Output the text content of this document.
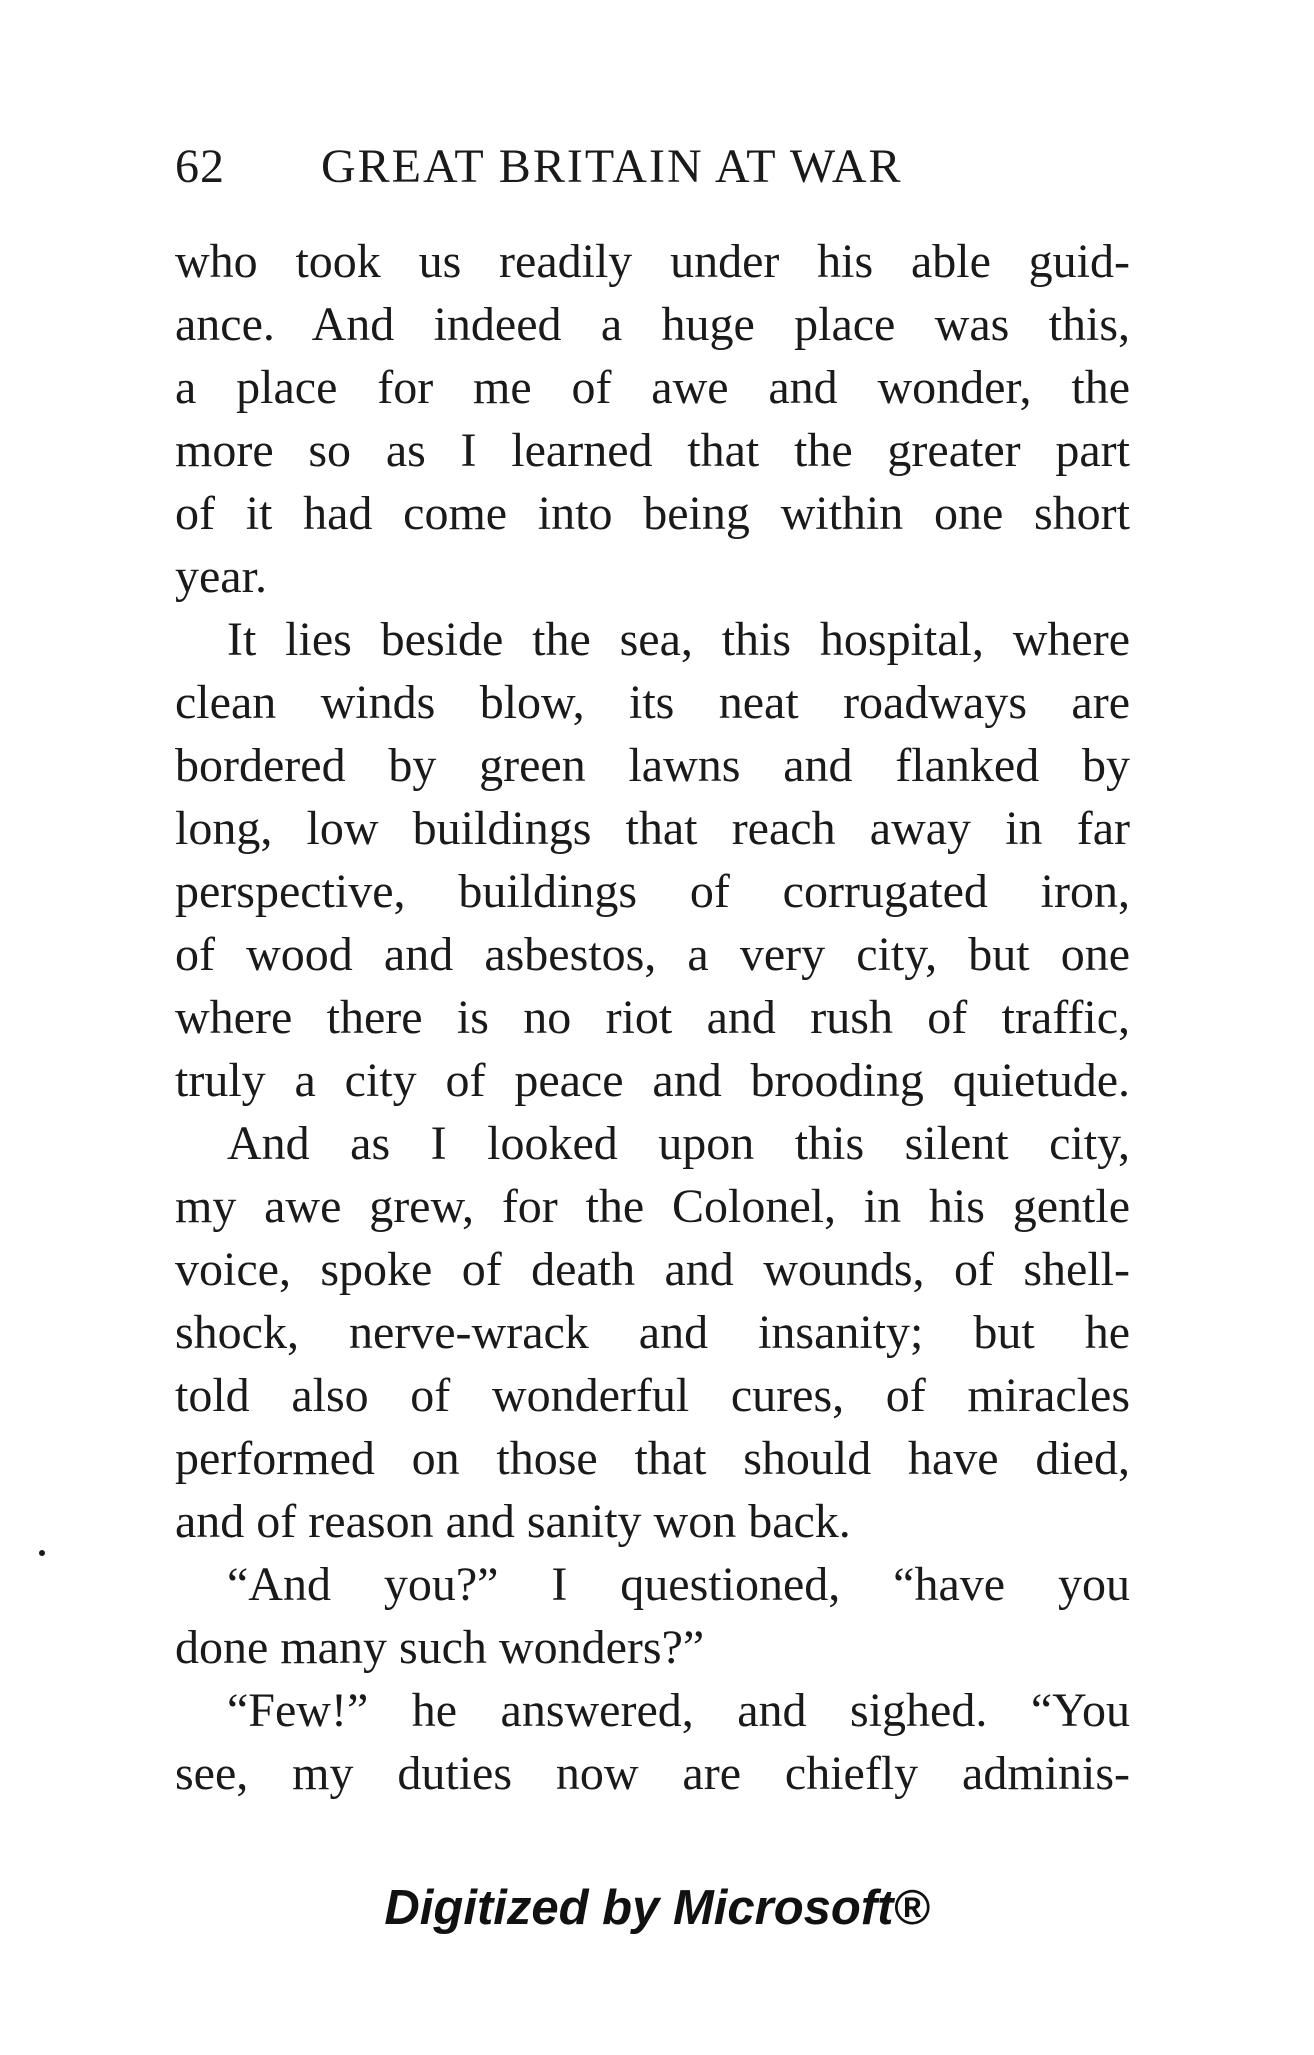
62 GREAT BRITAIN AT WAR
who took us readily under his able guid-
ance. And indeed a huge place was this,
a place for me of awe and wonder, the
more so as I learned that the greater part
of it had come into being within one short
year.
It lies beside the sea, this hospital, where
clean winds blow, its neat roadways are
bordered by green lawns and flanked by
long, low buildings that reach away in far
perspective, buildings of corrugated iron,
of wood and asbestos, a very city, but one
where there is no riot and rush of traffic,
truly a city of peace and brooding quietude.
And as I looked upon this silent city,
my awe grew, for the Colonel, in his gentle
voice, spoke of death and wounds, of shell-
shock, nerve-wrack and insanity; but he
told also of wonderful cures, of miracles
performed on those that should have died,
and of reason and sanity won back.
“And you?” I questioned, “have you
done many such wonders?”
“Few!” he answered, and sighed. “You
see, my duties now are chiefly adminis-
Digitized by Microsoft®
